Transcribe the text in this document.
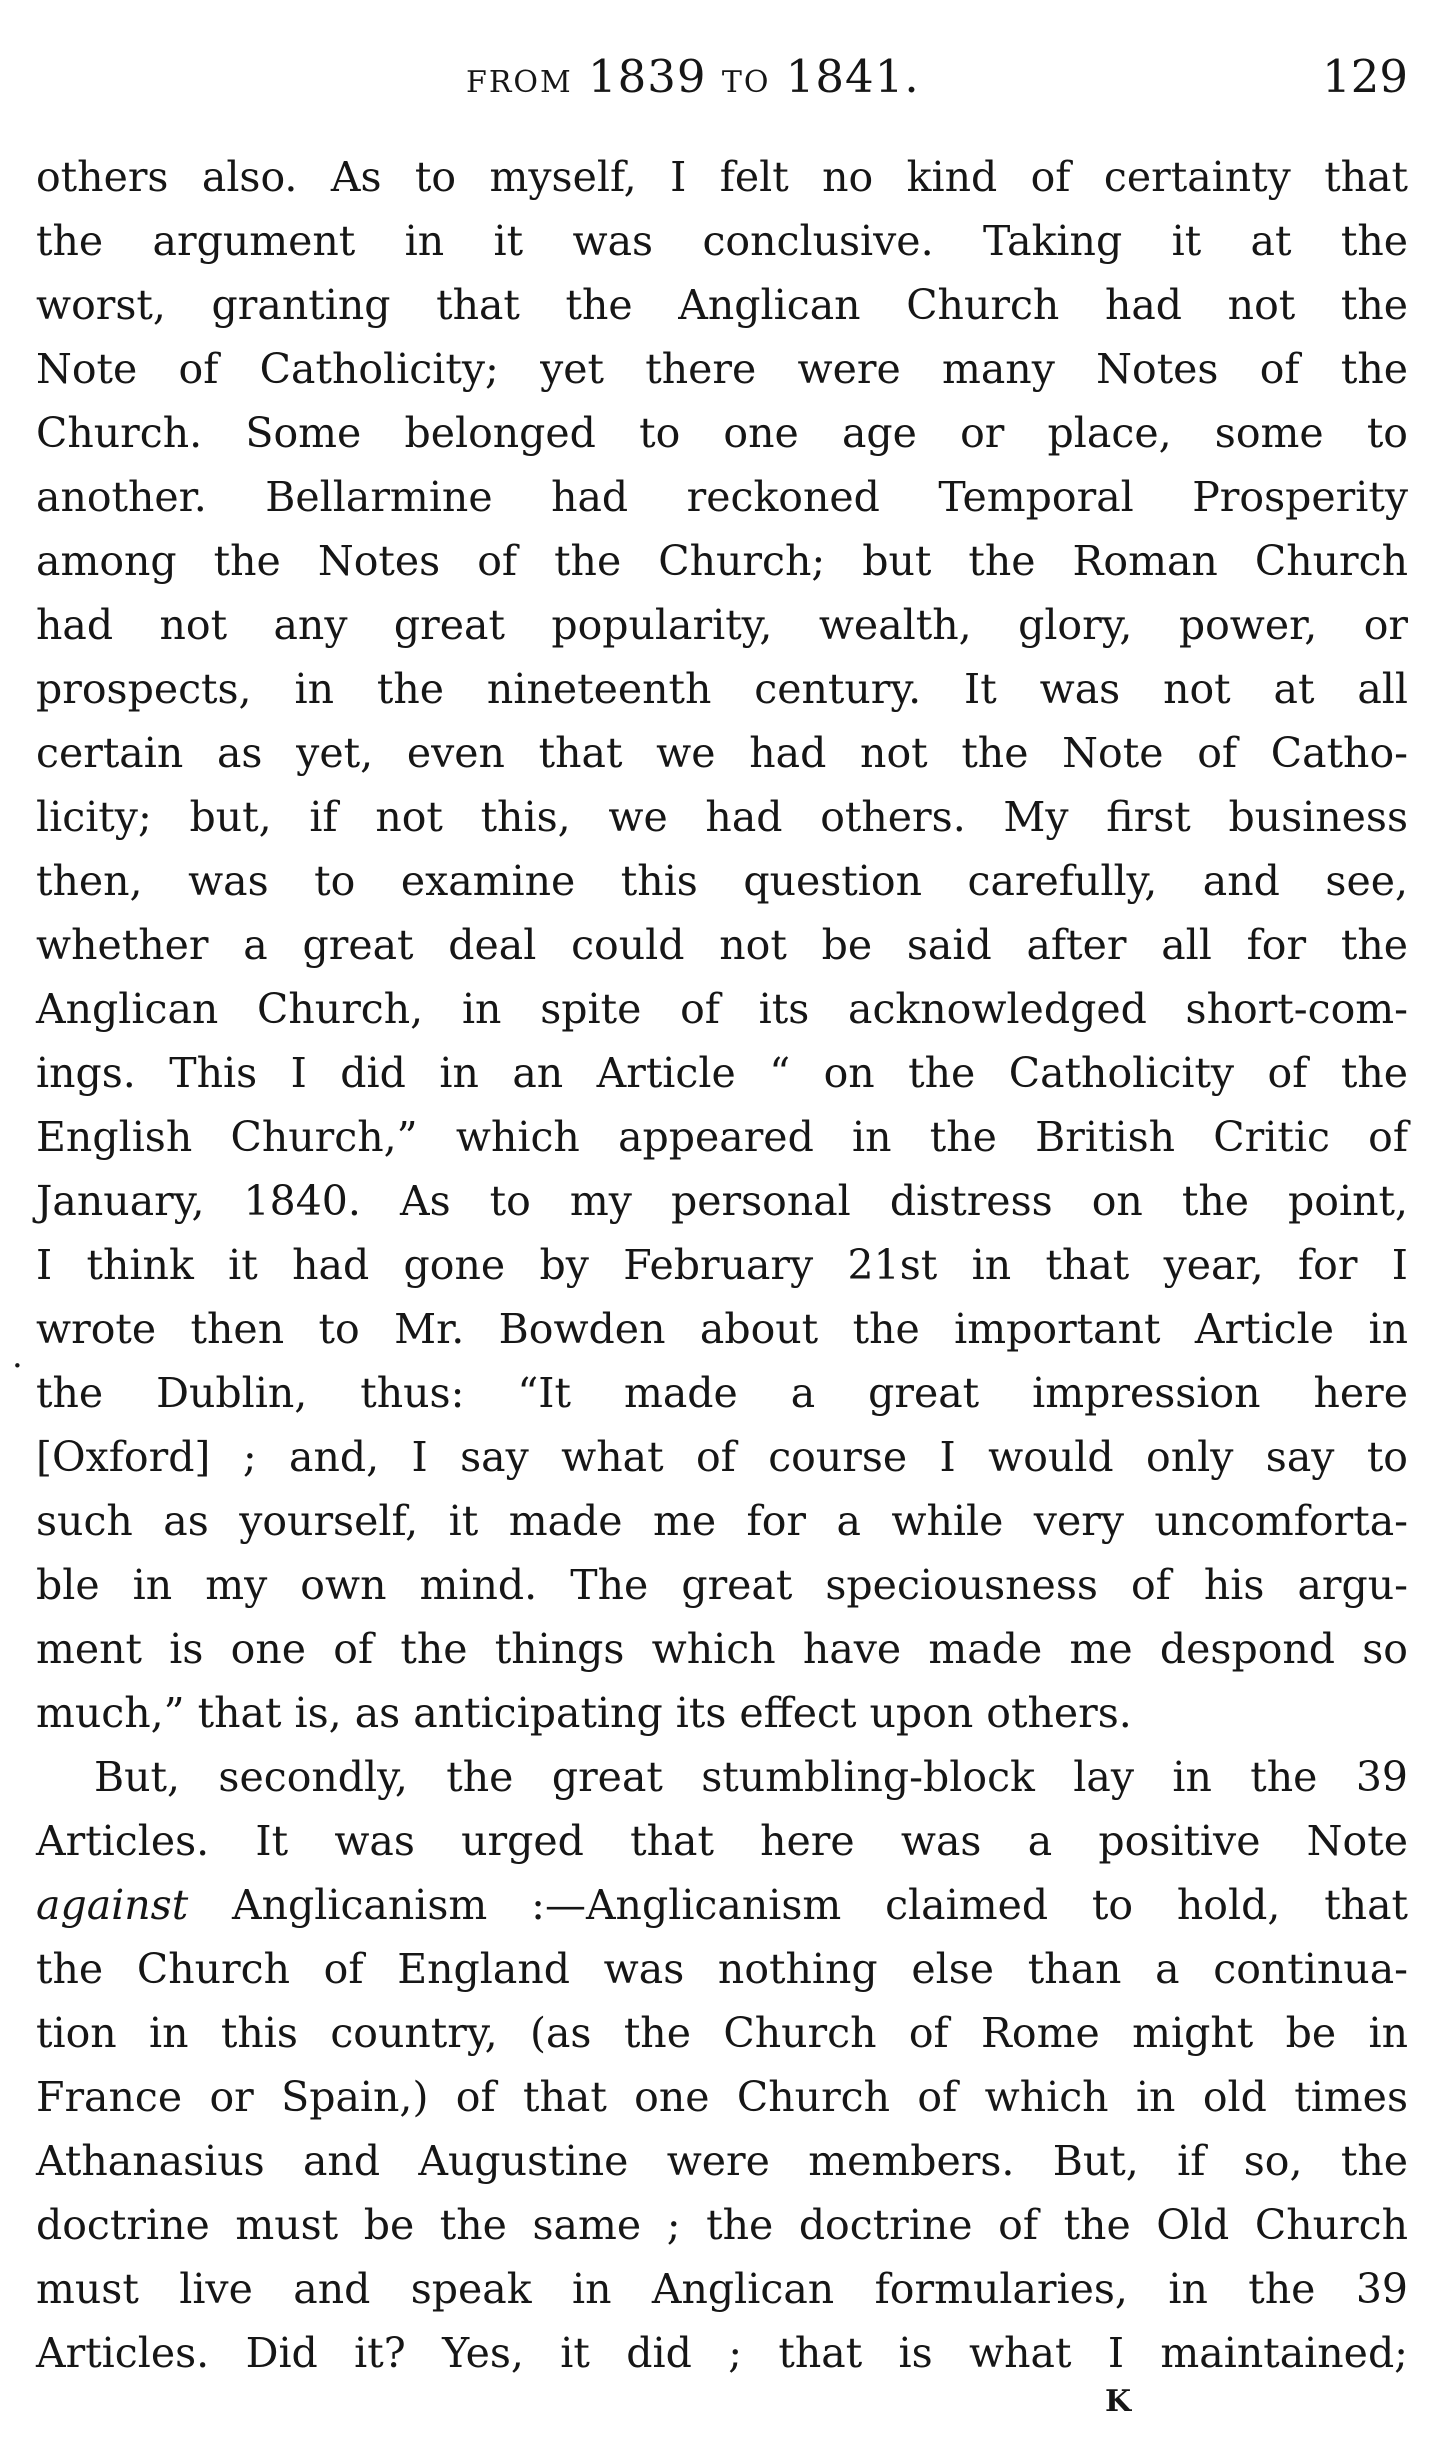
FROM 1839 TO 1841.	129
·
others also. As to myself, I felt no kind of certainty that
the argument in it was conclusive. Taking it at the
worst, granting that the Anglican Church had not the
Note of Catholicity; yet there were many Notes of the
Church. Some belonged to one age or place, some to
another. Bellarmine had reckoned Temporal Prosperity
among the Notes of the Church; but the Roman Church
had not any great popularity, wealth, glory, power, or
prospects, in the nineteenth century. It was not at all
certain as yet, even that we had not the Note of Catho-
licity; but, if not this, we had others. My first business
then, was to examine this question carefully, and see,
whether a great deal could not be said after all for the
Anglican Church, in spite of its acknowledged short-com-
ings. This I did in an Article “ on the Catholicity of the
English Church,” which appeared in the British Critic of
January, 1840. As to my personal distress on the point,
I think it had gone by February 21st in that year, for I
wrote then to Mr. Bowden about the important Article in
the Dublin, thus: “It made a great impression here
[Oxford] ; and, I say what of course I would only say to
such as yourself, it made me for a while very uncomforta-
ble in my own mind. The great speciousness of his argu-
ment is one of the things which have made me despond so
much,” that is, as anticipating its effect upon others.
But, secondly, the great stumbling-block lay in the 39
Articles. It was urged that here was a positive Note
against Anglicanism :—Anglicanism claimed to hold, that
the Church of England was nothing else than a continua-
tion in this country, (as the Church of Rome might be in
France or Spain,) of that one Church of which in old times
Athanasius and Augustine were members. But, if so, the
doctrine must be the same ; the doctrine of the Old Church
must live and speak in Anglican formularies, in the 39
Articles. Did it? Yes, it did ; that is what I maintained;
K
